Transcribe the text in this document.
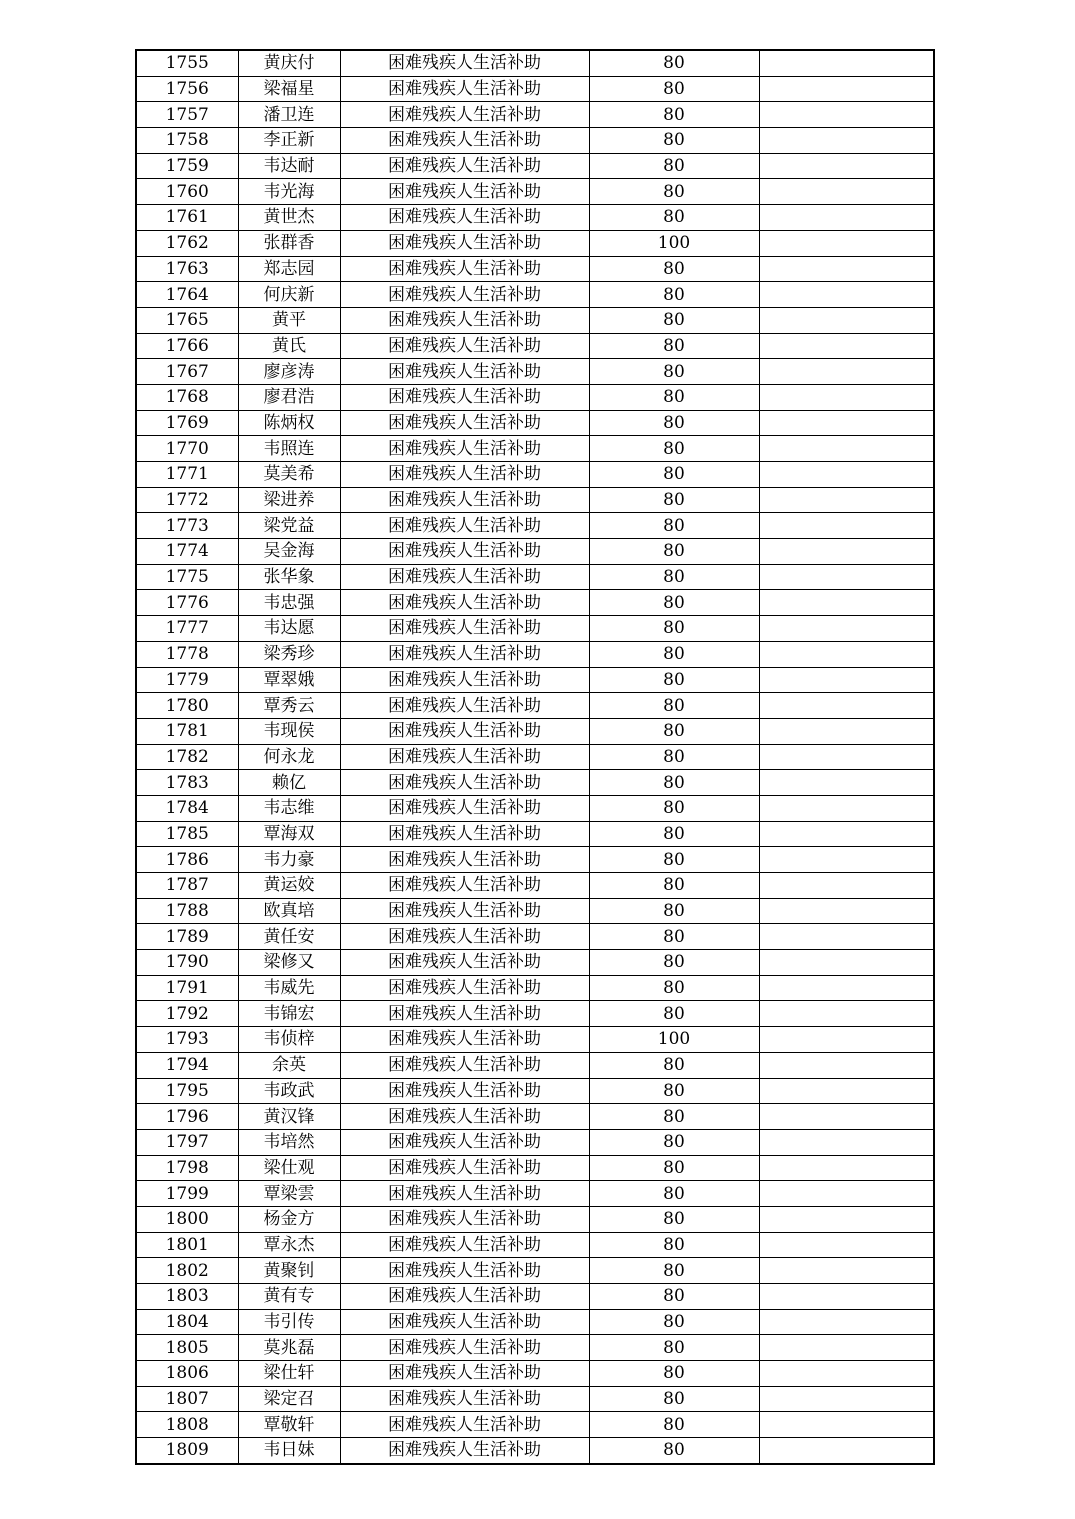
1755	黄庆付	困难残疾人生活补助	80	
1756	梁福星	困难残疾人生活补助	80	
1757	潘卫连	困难残疾人生活补助	80	
1758	李正新	困难残疾人生活补助	80	
1759	韦达耐	困难残疾人生活补助	80	
1760	韦光海	困难残疾人生活补助	80	
1761	黄世杰	困难残疾人生活补助	80	
1762	张群香	困难残疾人生活补助	100	
1763	郑志园	困难残疾人生活补助	80	
1764	何庆新	困难残疾人生活补助	80	
1765	黄平	困难残疾人生活补助	80	
1766	黄氏	困难残疾人生活补助	80	
1767	廖彦涛	困难残疾人生活补助	80	
1768	廖君浩	困难残疾人生活补助	80	
1769	陈炳权	困难残疾人生活补助	80	
1770	韦照连	困难残疾人生活补助	80	
1771	莫美希	困难残疾人生活补助	80	
1772	梁进养	困难残疾人生活补助	80	
1773	梁党益	困难残疾人生活补助	80	
1774	吴金海	困难残疾人生活补助	80	
1775	张华象	困难残疾人生活补助	80	
1776	韦忠强	困难残疾人生活补助	80	
1777	韦达愿	困难残疾人生活补助	80	
1778	梁秀珍	困难残疾人生活补助	80	
1779	覃翠娥	困难残疾人生活补助	80	
1780	覃秀云	困难残疾人生活补助	80	
1781	韦现侯	困难残疾人生活补助	80	
1782	何永龙	困难残疾人生活补助	80	
1783	赖亿	困难残疾人生活补助	80	
1784	韦志维	困难残疾人生活补助	80	
1785	覃海双	困难残疾人生活补助	80	
1786	韦力豪	困难残疾人生活补助	80	
1787	黄运姣	困难残疾人生活补助	80	
1788	欧真培	困难残疾人生活补助	80	
1789	黄任安	困难残疾人生活补助	80	
1790	梁修又	困难残疾人生活补助	80	
1791	韦威先	困难残疾人生活补助	80	
1792	韦锦宏	困难残疾人生活补助	80	
1793	韦侦梓	困难残疾人生活补助	100	
1794	余英	困难残疾人生活补助	80	
1795	韦政武	困难残疾人生活补助	80	
1796	黄汉锋	困难残疾人生活补助	80	
1797	韦培然	困难残疾人生活补助	80	
1798	梁仕观	困难残疾人生活补助	80	
1799	覃梁雲	困难残疾人生活补助	80	
1800	杨金方	困难残疾人生活补助	80	
1801	覃永杰	困难残疾人生活补助	80	
1802	黄聚钊	困难残疾人生活补助	80	
1803	黄有专	困难残疾人生活补助	80	
1804	韦引传	困难残疾人生活补助	80	
1805	莫兆磊	困难残疾人生活补助	80	
1806	梁仕轩	困难残疾人生活补助	80	
1807	梁定召	困难残疾人生活补助	80	
1808	覃敬轩	困难残疾人生活补助	80	
1809	韦日妹	困难残疾人生活补助	80	
